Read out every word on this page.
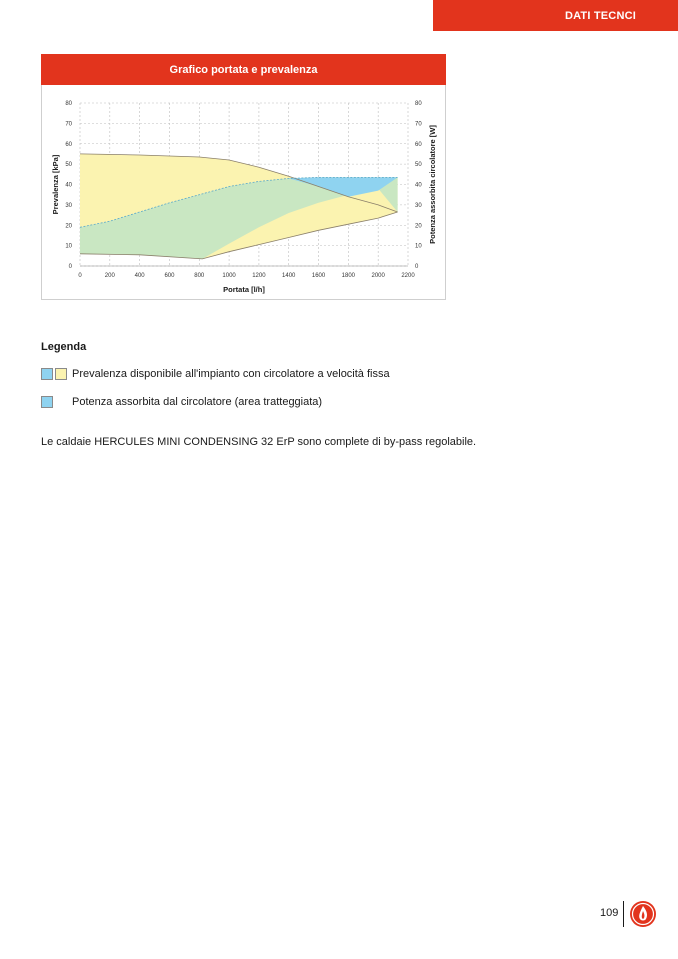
DATI TECNCI
Grafico portata e prevalenza
0	200	400	600	800	1000	1200	1400	1600	1800	2000	2200
0
10
20
30
40
50
60
70
80
0
10
20
30
40
50
60
70
80
Portata [l/h]
Prevalenza [kPa]	Potenza assorbita circolatore [W]
Legenda
Prevalenza disponibile all'impianto con circolatore a velocità fissa
Potenza assorbita dal circolatore (area tratteggiata)
Le caldaie HERCULES MINI CONDENSING 32 ErP sono complete di by-pass regolabile.
109
